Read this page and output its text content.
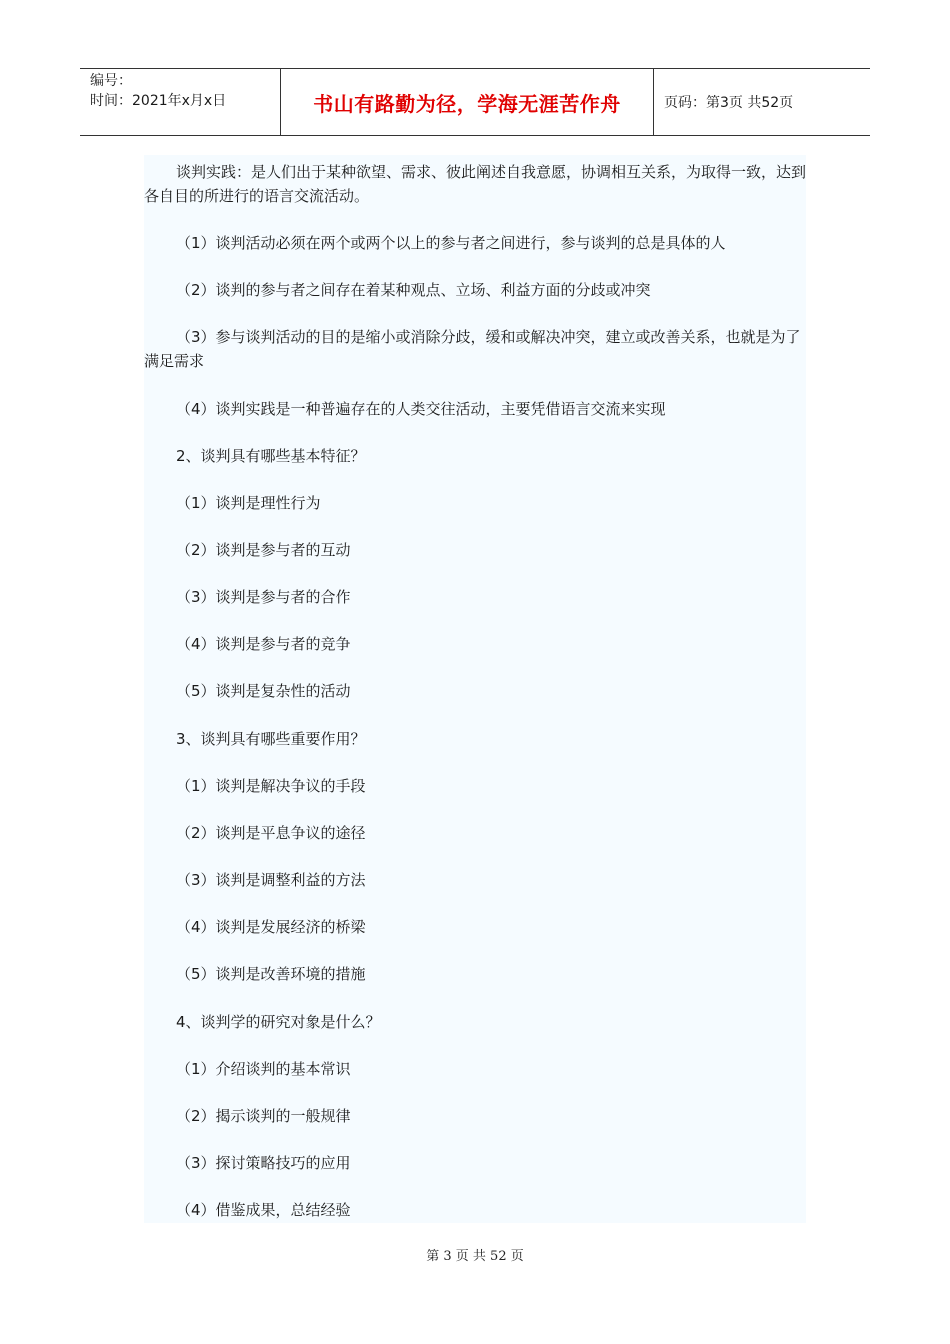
编号：
时间：2021年x月x日	书山有路勤为径，学海无涯苦作舟	页码：第3页 共52页

谈判实践：是人们出于某种欲望、需求、彼此阐述自我意愿，协调相互关系，为取得一致，达到各自目的所进行的语言交流活动。

（1）谈判活动必须在两个或两个以上的参与者之间进行，参与谈判的总是具体的人

（2）谈判的参与者之间存在着某种观点、立场、利益方面的分歧或冲突

（3）参与谈判活动的目的是缩小或消除分歧，缓和或解决冲突，建立或改善关系，也就是为了满足需求

（4）谈判实践是一种普遍存在的人类交往活动，主要凭借语言交流来实现

2、谈判具有哪些基本特征？

（1）谈判是理性行为

（2）谈判是参与者的互动

（3）谈判是参与者的合作

（4）谈判是参与者的竞争

（5）谈判是复杂性的活动

3、谈判具有哪些重要作用？

（1）谈判是解决争议的手段

（2）谈判是平息争议的途径

（3）谈判是调整利益的方法

（4）谈判是发展经济的桥梁

（5）谈判是改善环境的措施

4、谈判学的研究对象是什么？

（1）介绍谈判的基本常识

（2）揭示谈判的一般规律

（3）探讨策略技巧的应用

（4）借鉴成果，总结经验

第 3 页 共 52 页
